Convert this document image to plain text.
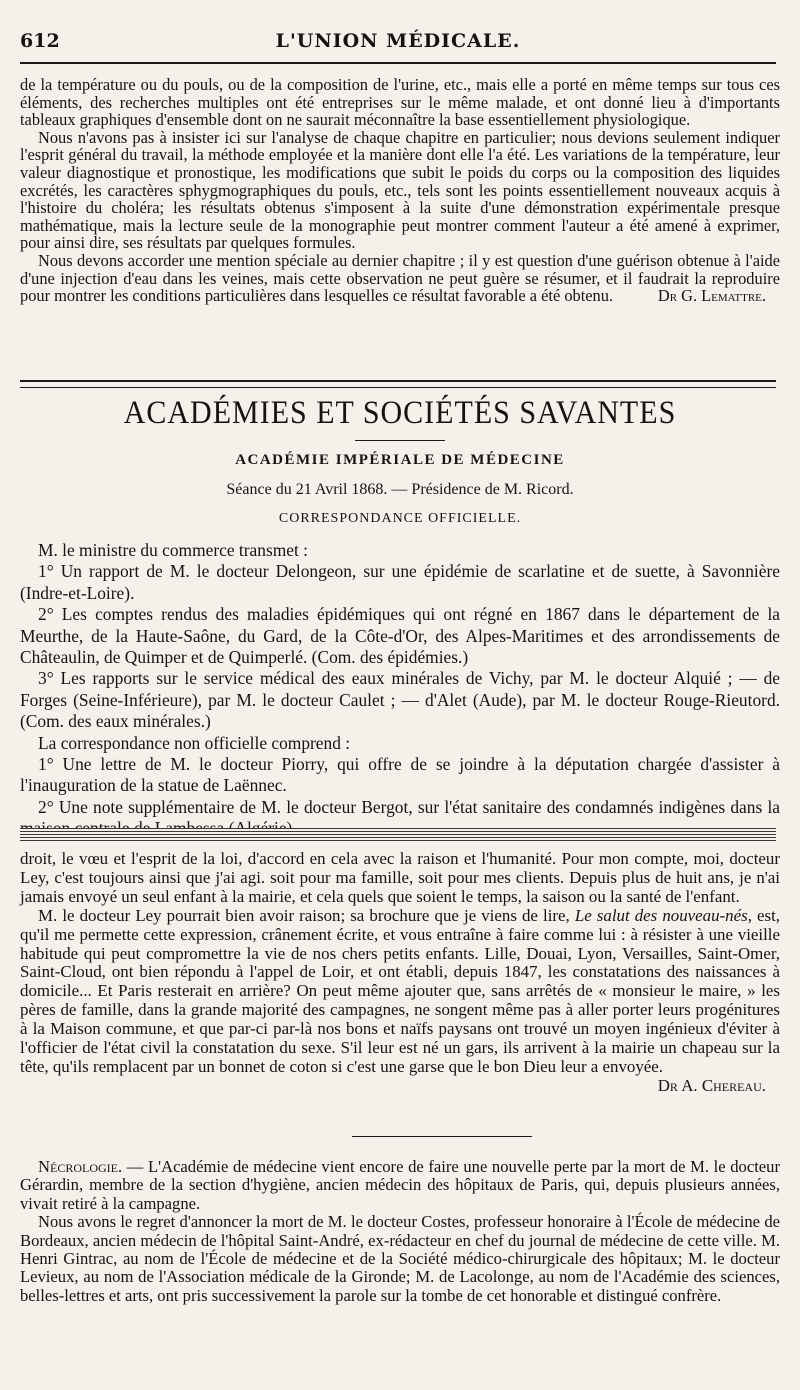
612	L'UNION MÉDICALE.

de la température ou du pouls, ou de la composition de l'urine, etc., mais elle a porté en même temps sur tous ces éléments, des recherches multiples ont été entreprises sur le même malade, et ont donné lieu à d'importants tableaux graphiques d'ensemble dont on ne saurait méconnaître la base essentiellement physiologique.

Nous n'avons pas à insister ici sur l'analyse de chaque chapitre en particulier; nous devions seulement indiquer l'esprit général du travail, la méthode employée et la manière dont elle l'a été. Les variations de la température, leur valeur diagnostique et pronostique, les modifications que subit le poids du corps ou la composition des liquides excrétés, les caractères sphygmographiques du pouls, etc., tels sont les points essentiellement nouveaux acquis à l'histoire du choléra; les résultats obtenus s'imposent à la suite d'une démonstration expérimentale presque mathématique, mais la lecture seule de la monographie peut montrer comment l'auteur a été amené à exprimer, pour ainsi dire, ses résultats par quelques formules.

Nous devons accorder une mention spéciale au dernier chapitre ; il y est question d'une guérison obtenue à l'aide d'une injection d'eau dans les veines, mais cette observation ne peut guère se résumer, et il faudrait la reproduire pour montrer les conditions particulières dans lesquelles ce résultat favorable a été obtenu.	Dr G. Lemattre.

ACADÉMIES ET SOCIÉTÉS SAVANTES
ACADÉMIE IMPÉRIALE DE MÉDECINE
Séance du 21 Avril 1868. — Présidence de M. Ricord.
CORRESPONDANCE OFFICIELLE.

M. le ministre du commerce transmet :

1° Un rapport de M. le docteur Delongeon, sur une épidémie de scarlatine et de suette, à Savonnière (Indre-et-Loire).

2° Les comptes rendus des maladies épidémiques qui ont régné en 1867 dans le département de la Meurthe, de la Haute-Saône, du Gard, de la Côte-d'Or, des Alpes-Maritimes et des arrondissements de Châteaulin, de Quimper et de Quimperlé. (Com. des épidémies.)

3° Les rapports sur le service médical des eaux minérales de Vichy, par M. le docteur Alquié ; — de Forges (Seine-Inférieure), par M. le docteur Caulet ; — d'Alet (Aude), par M. le docteur Rouge-Rieutord. (Com. des eaux minérales.)

La correspondance non officielle comprend :

1° Une lettre de M. le docteur Piorry, qui offre de se joindre à la députation chargée d'assister à l'inauguration de la statue de Laënnec.

2° Une note supplémentaire de M. le docteur Bergot, sur l'état sanitaire des condamnés indigènes dans la

droit, le vœu et l'esprit de la loi, d'accord en cela avec la raison et l'humanité. Pour mon compte, moi, docteur Ley, c'est toujours ainsi que j'ai agi. soit pour ma famille, soit pour mes clients. Depuis plus de huit ans, je n'ai jamais envoyé un seul enfant à la mairie, et cela quels que soient le temps, la saison ou la santé de l'enfant.

M. le docteur Ley pourrait bien avoir raison; sa brochure que je viens de lire, Le salut des nouveau-nés, est, qu'il me permette cette expression, crânement écrite, et vous entraîne à faire comme lui : à résister à une vieille habitude qui peut compromettre la vie de nos chers petits enfants. Lille, Douai, Lyon, Versailles, Saint-Omer, Saint-Cloud, ont bien répondu à l'appel de Loir, et ont établi, depuis 1847, les constatations des naissances à domicile... Et Paris resterait en arrière? On peut même ajouter que, sans arrêtés de « monsieur le maire, » les pères de famille, dans la grande majorité des campagnes, ne songent même pas à aller porter leurs progénitures à la Maison commune, et que par-ci par-là nos bons et naïfs paysans ont trouvé un moyen ingénieux d'éviter à l'officier de l'état civil la constatation du sexe. S'il leur est né un gars, ils arrivent à la mairie un chapeau sur la tête, qu'ils remplacent par un bonnet de coton si c'est une garse que le bon Dieu leur a envoyée.

Dr A. Chereau.

Nécrologie. — L'Académie de médecine vient encore de faire une nouvelle perte par la mort de M. le docteur Gérardin, membre de la section d'hygiène, ancien médecin des hôpitaux de Paris, qui, depuis plusieurs années, vivait retiré à la campagne.

Nous avons le regret d'annoncer la mort de M. le docteur Costes, professeur honoraire à l'École de médecine de Bordeaux, ancien médecin de l'hôpital Saint-André, ex-rédacteur en chef du journal de médecine de cette ville. M. Henri Gintrac, au nom de l'École de médecine et de la Société médico-chirurgicale des hôpitaux; M. le docteur Levieux, au nom de l'Association médicale de la Gironde; M. de Lacolonge, au nom de l'Académie des sciences, belles-lettres et arts, ont pris successivement la parole sur la tombe de cet honorable et distingué confrère.
